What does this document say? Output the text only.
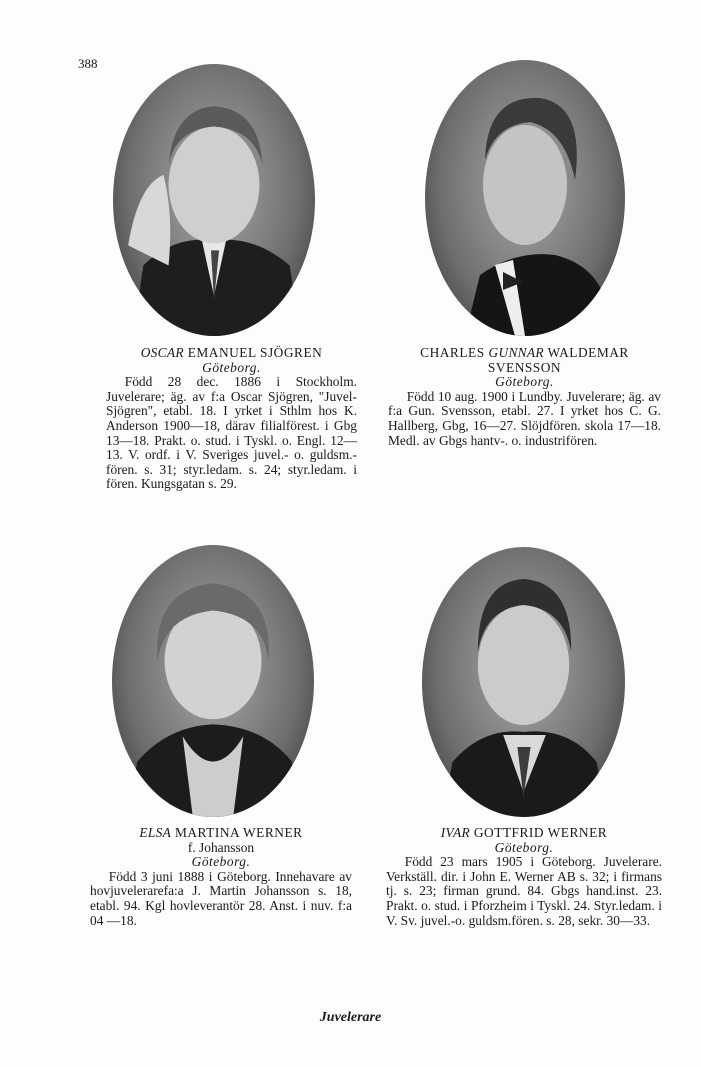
388
OSCAR EMANUEL SJÖGREN
Göteborg.
Född 28 dec. 1886 i Stockholm. Juvelerare; äg. av f:a Oscar Sjögren, "Juvel-Sjögren", etabl. 18. I yrket i Sthlm hos K. Anderson 1900—18, därav filialförest. i Gbg 13—18. Prakt. o. stud. i Tyskl. o. Engl. 12—13. V. ordf. i V. Sveriges juvel.- o. guldsm.-fören. s. 31; styr.ledam. s. 24; styr.ledam. i fören. Kungsgatan s. 29.
CHARLES GUNNAR WALDEMAR SVENSSON
Göteborg.
Född 10 aug. 1900 i Lundby. Juvelerare; äg. av f:a Gun. Svensson, etabl. 27. I yrket hos C. G. Hallberg, Gbg, 16—27. Slöjdfören. skola 17—18. Medl. av Gbgs hantv-. o. industrifören.
ELSA MARTINA WERNER
f. Johansson
Göteborg.
Född 3 juni 1888 i Göteborg. Innehavare av hovjuvelerarefa:a J. Martin Johansson s. 18, etabl. 94. Kgl hovleverantör 28. Anst. i nuv. f:a 04 —18.
IVAR GOTTFRID WERNER
Göteborg.
Född 23 mars 1905 i Göteborg. Juvelerare. Verkställ. dir. i John E. Werner AB s. 32; i firmans tj. s. 23; firman grund. 84. Gbgs hand.inst. 23. Prakt. o. stud. i Pforzheim i Tyskl. 24. Styr.ledam. i V. Sv. juvel.-o. guldsm.fören. s. 28, sekr. 30—33.
Juvelerare
